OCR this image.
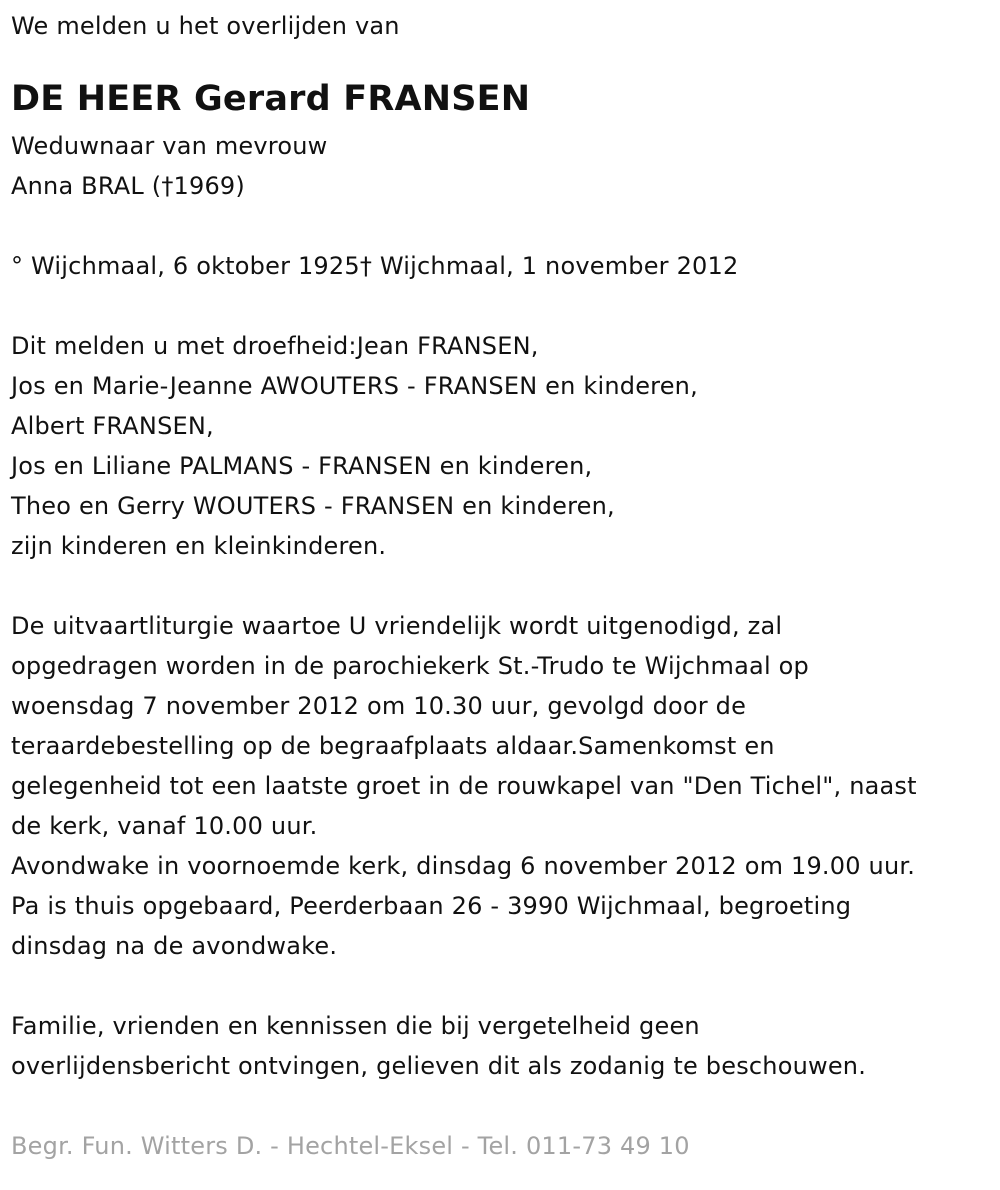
We melden u het overlijden van
DE HEER Gerard FRANSEN
Weduwnaar van mevrouw
Anna BRAL (†1969)
° Wijchmaal, 6 oktober 1925† Wijchmaal, 1 november 2012
Dit melden u met droefheid:Jean FRANSEN,
Jos en Marie-Jeanne AWOUTERS - FRANSEN en kinderen,
Albert FRANSEN,
Jos en Liliane PALMANS - FRANSEN en kinderen,
Theo en Gerry WOUTERS - FRANSEN en kinderen,
zijn kinderen en kleinkinderen.
De uitvaartliturgie waartoe U vriendelijk wordt uitgenodigd, zal
opgedragen worden in de parochiekerk St.-Trudo te Wijchmaal op
woensdag 7 november 2012 om 10.30 uur, gevolgd door de
teraardebestelling op de begraafplaats aldaar.Samenkomst en
gelegenheid tot een laatste groet in de rouwkapel van "Den Tichel", naast
de kerk, vanaf 10.00 uur.
Avondwake in voornoemde kerk, dinsdag 6 november 2012 om 19.00 uur.
Pa is thuis opgebaard, Peerderbaan 26 - 3990 Wijchmaal, begroeting
dinsdag na de avondwake.
Familie, vrienden en kennissen die bij vergetelheid geen
overlijdensbericht ontvingen, gelieven dit als zodanig te beschouwen.
Begr. Fun. Witters D. - Hechtel-Eksel - Tel. 011-73 49 10
